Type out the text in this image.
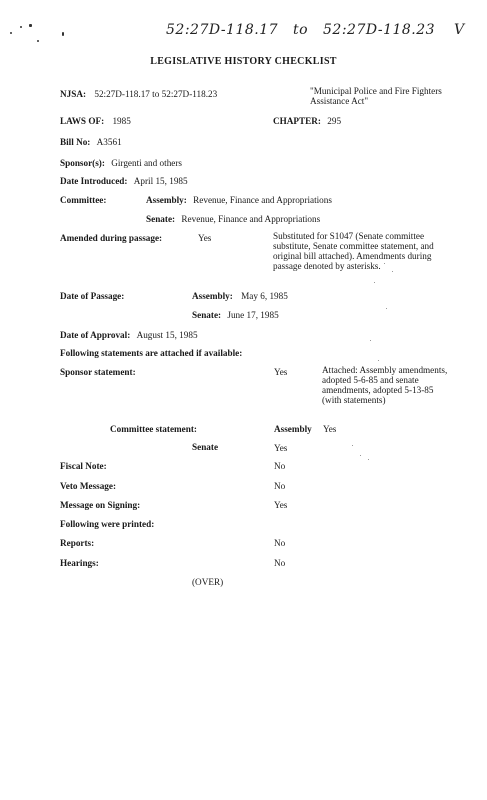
52:27D-118.17 to 52:27D-118.23 V
LEGISLATIVE HISTORY CHECKLIST
NJSA: 52:27D-118.17 to 52:27D-118.23	"Municipal Police and Fire Fighters Assistance Act"
LAWS OF: 1985	CHAPTER: 295
Bill No: A3561
Sponsor(s): Girgenti and others
Date Introduced: April 15, 1985
Committee:	Assembly: Revenue, Finance and Appropriations
Senate: Revenue, Finance and Appropriations
Amended during passage:	Yes	Substituted for S1047 (Senate committee substitute, Senate committee statement, and original bill attached). Amendments during passage denoted by asterisks.
Date of Passage:	Assembly: May 6, 1985
Senate: June 17, 1985
Date of Approval: August 15, 1985
Following statements are attached if available:
Sponsor statement:	Yes	Attached: Assembly amendments, adopted 5-6-85 and senate amendments, adopted 5-13-85 (with statements)
Committee statement:	Assembly Yes
Senate	Yes
Fiscal Note:	No
Veto Message:	No
Message on Signing:	Yes
Following were printed:
Reports:	No
Hearings:	No
(OVER)
